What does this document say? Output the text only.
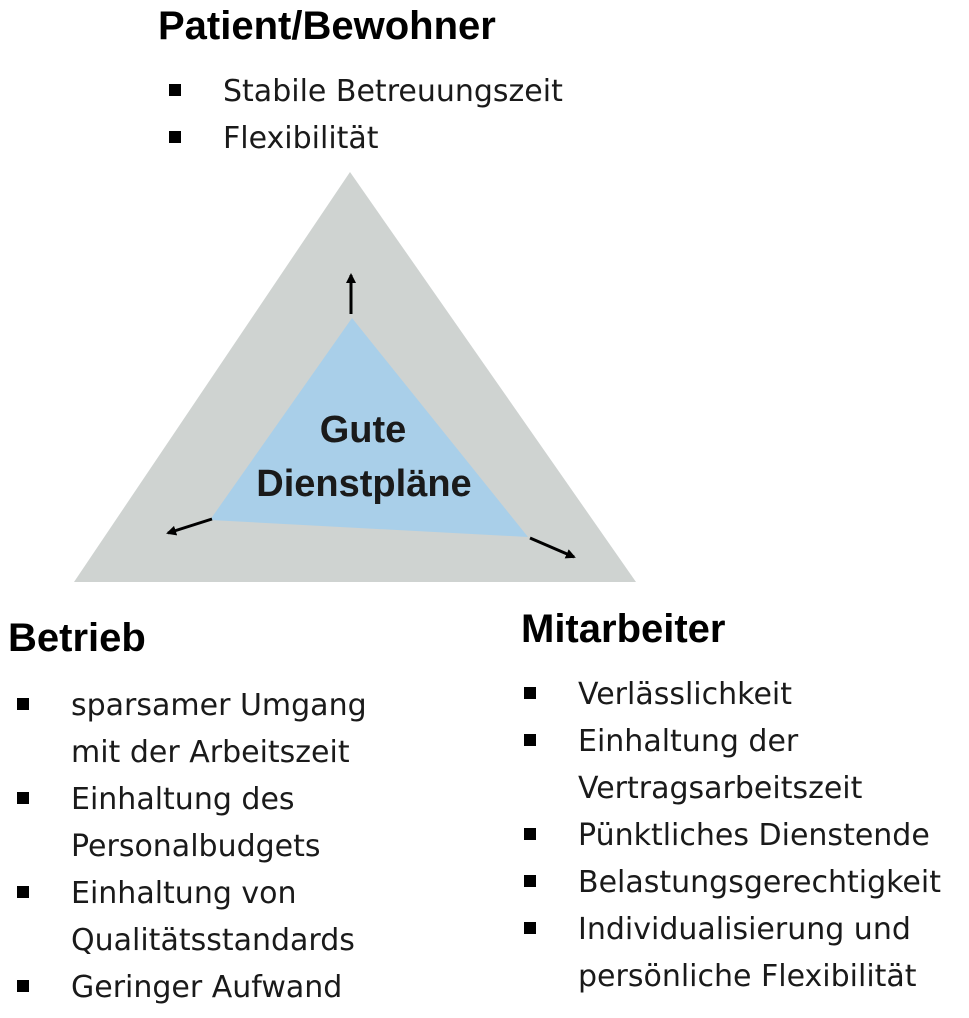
Gute
Dienstpläne
Patient/Bewohner
Stabile Betreuungszeit
Flexibilität
Betrieb
sparsamer Umgang
mit der Arbeitszeit
Einhaltung des
Personalbudgets
Einhaltung von
Qualitätsstandards
Geringer Aufwand
Mitarbeiter
Verlässlichkeit
Einhaltung der
Vertragsarbeitszeit
Pünktliches Dienstende
Belastungsgerechtigkeit
Individualisierung und
persönliche Flexibilität
